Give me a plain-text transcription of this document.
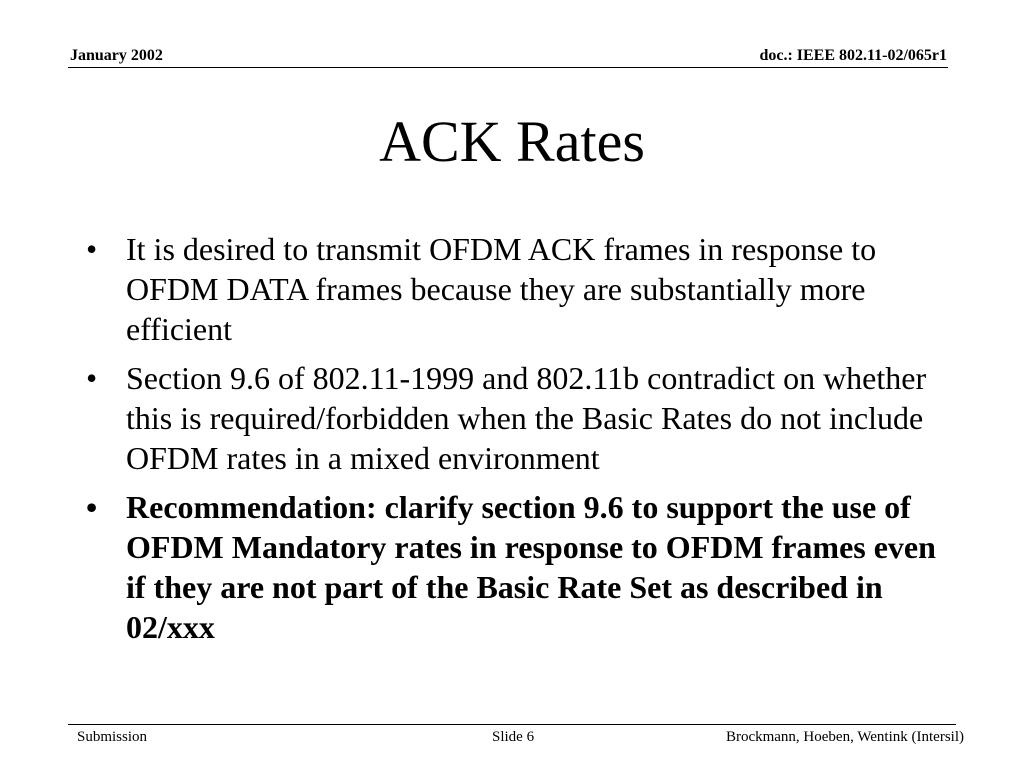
January 2002	doc.: IEEE 802.11-02/065r1
ACK Rates
• It is desired to transmit OFDM ACK frames in response to OFDM DATA frames because they are substantially more efficient
• Section 9.6 of 802.11-1999 and 802.11b contradict on whether this is required/forbidden when the Basic Rates do not include OFDM rates in a mixed environment
• Recommendation: clarify section 9.6 to support the use of OFDM Mandatory rates in response to OFDM frames even if they are not part of the Basic Rate Set as described in 02/xxx
Submission	Slide 6	Brockmann, Hoeben, Wentink (Intersil)
